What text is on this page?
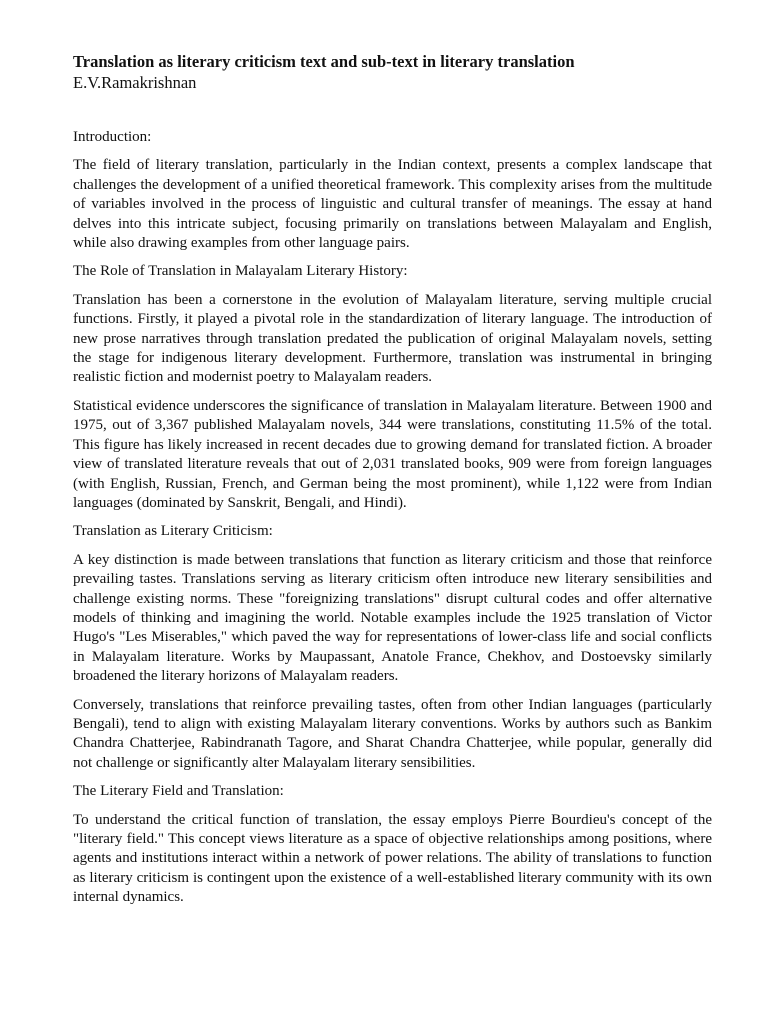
Translation as literary criticism text and sub-text in literary translation

E.V.Ramakrishnan

Introduction:

The field of literary translation, particularly in the Indian context, presents a complex landscape that challenges the development of a unified theoretical framework. This complexity arises from the multitude of variables involved in the process of linguistic and cultural transfer of meanings. The essay at hand delves into this intricate subject, focusing primarily on translations between Malayalam and English, while also drawing examples from other language pairs.

The Role of Translation in Malayalam Literary History:

Translation has been a cornerstone in the evolution of Malayalam literature, serving multiple crucial functions. Firstly, it played a pivotal role in the standardization of literary language. The introduction of new prose narratives through translation predated the publication of original Malayalam novels, setting the stage for indigenous literary development. Furthermore, translation was instrumental in bringing realistic fiction and modernist poetry to Malayalam readers.

Statistical evidence underscores the significance of translation in Malayalam literature. Between 1900 and 1975, out of 3,367 published Malayalam novels, 344 were translations, constituting 11.5% of the total. This figure has likely increased in recent decades due to growing demand for translated fiction. A broader view of translated literature reveals that out of 2,031 translated books, 909 were from foreign languages (with English, Russian, French, and German being the most prominent), while 1,122 were from Indian languages (dominated by Sanskrit, Bengali, and Hindi).

Translation as Literary Criticism:

A key distinction is made between translations that function as literary criticism and those that reinforce prevailing tastes. Translations serving as literary criticism often introduce new literary sensibilities and challenge existing norms. These "foreignizing translations" disrupt cultural codes and offer alternative models of thinking and imagining the world. Notable examples include the 1925 translation of Victor Hugo's "Les Miserables," which paved the way for representations of lower-class life and social conflicts in Malayalam literature. Works by Maupassant, Anatole France, Chekhov, and Dostoevsky similarly broadened the literary horizons of Malayalam readers.

Conversely, translations that reinforce prevailing tastes, often from other Indian languages (particularly Bengali), tend to align with existing Malayalam literary conventions. Works by authors such as Bankim Chandra Chatterjee, Rabindranath Tagore, and Sharat Chandra Chatterjee, while popular, generally did not challenge or significantly alter Malayalam literary sensibilities.

The Literary Field and Translation:

To understand the critical function of translation, the essay employs Pierre Bourdieu's concept of the "literary field." This concept views literature as a space of objective relationships among positions, where agents and institutions interact within a network of power relations. The ability of translations to function as literary criticism is contingent upon the existence of a well-established literary community with its own internal dynamics.
